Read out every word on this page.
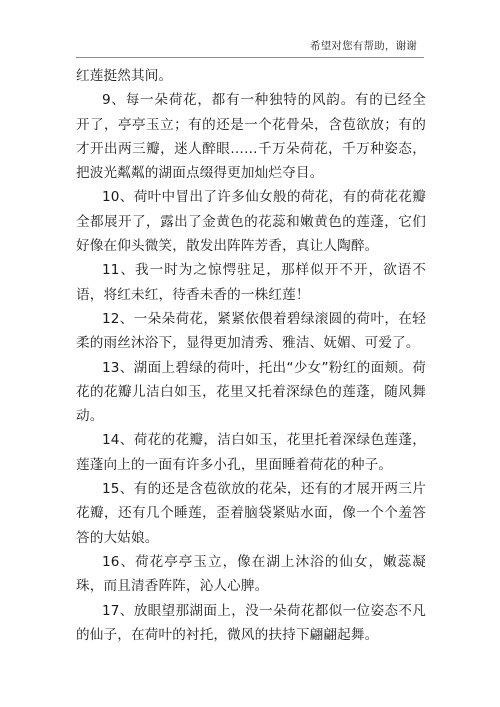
希望对您有帮助，谢谢

红莲挺然其间。

9、每一朵荷花，都有一种独特的风韵。有的已经全开了，亭亭玉立；有的还是一个花骨朵，含苞欲放；有的才开出两三瓣，迷人醉眼……千万朵荷花，千万种姿态，把波光粼粼的湖面点缀得更加灿烂夺目。

10、荷叶中冒出了许多仙女般的荷花，有的荷花花瓣全都展开了，露出了金黄色的花蕊和嫩黄色的莲蓬，它们好像在仰头微笑，散发出阵阵芳香，真让人陶醉。

11、我一时为之惊愕驻足，那样似开不开，欲语不语，将红未红，待香未香的一株红莲！

12、一朵朵荷花，紧紧依偎着碧绿滚圆的荷叶，在轻柔的雨丝沐浴下，显得更加清秀、雅洁、妩媚、可爱了。

13、湖面上碧绿的荷叶，托出“少女”粉红的面颊。荷花的花瓣儿洁白如玉，花里又托着深绿色的莲蓬，随风舞动。

14、荷花的花瓣，洁白如玉，花里托着深绿色莲蓬，莲蓬向上的一面有许多小孔，里面睡着荷花的种子。

15、有的还是含苞欲放的花朵，还有的才展开两三片花瓣，还有几个睡莲，歪着脑袋紧贴水面，像一个个羞答答的大姑娘。

16、荷花亭亭玉立，像在湖上沐浴的仙女，嫩蕊凝珠，而且清香阵阵，沁人心脾。

17、放眼望那湖面上，没一朵荷花都似一位姿态不凡的仙子，在荷叶的衬托，微风的扶持下翩翩起舞。
